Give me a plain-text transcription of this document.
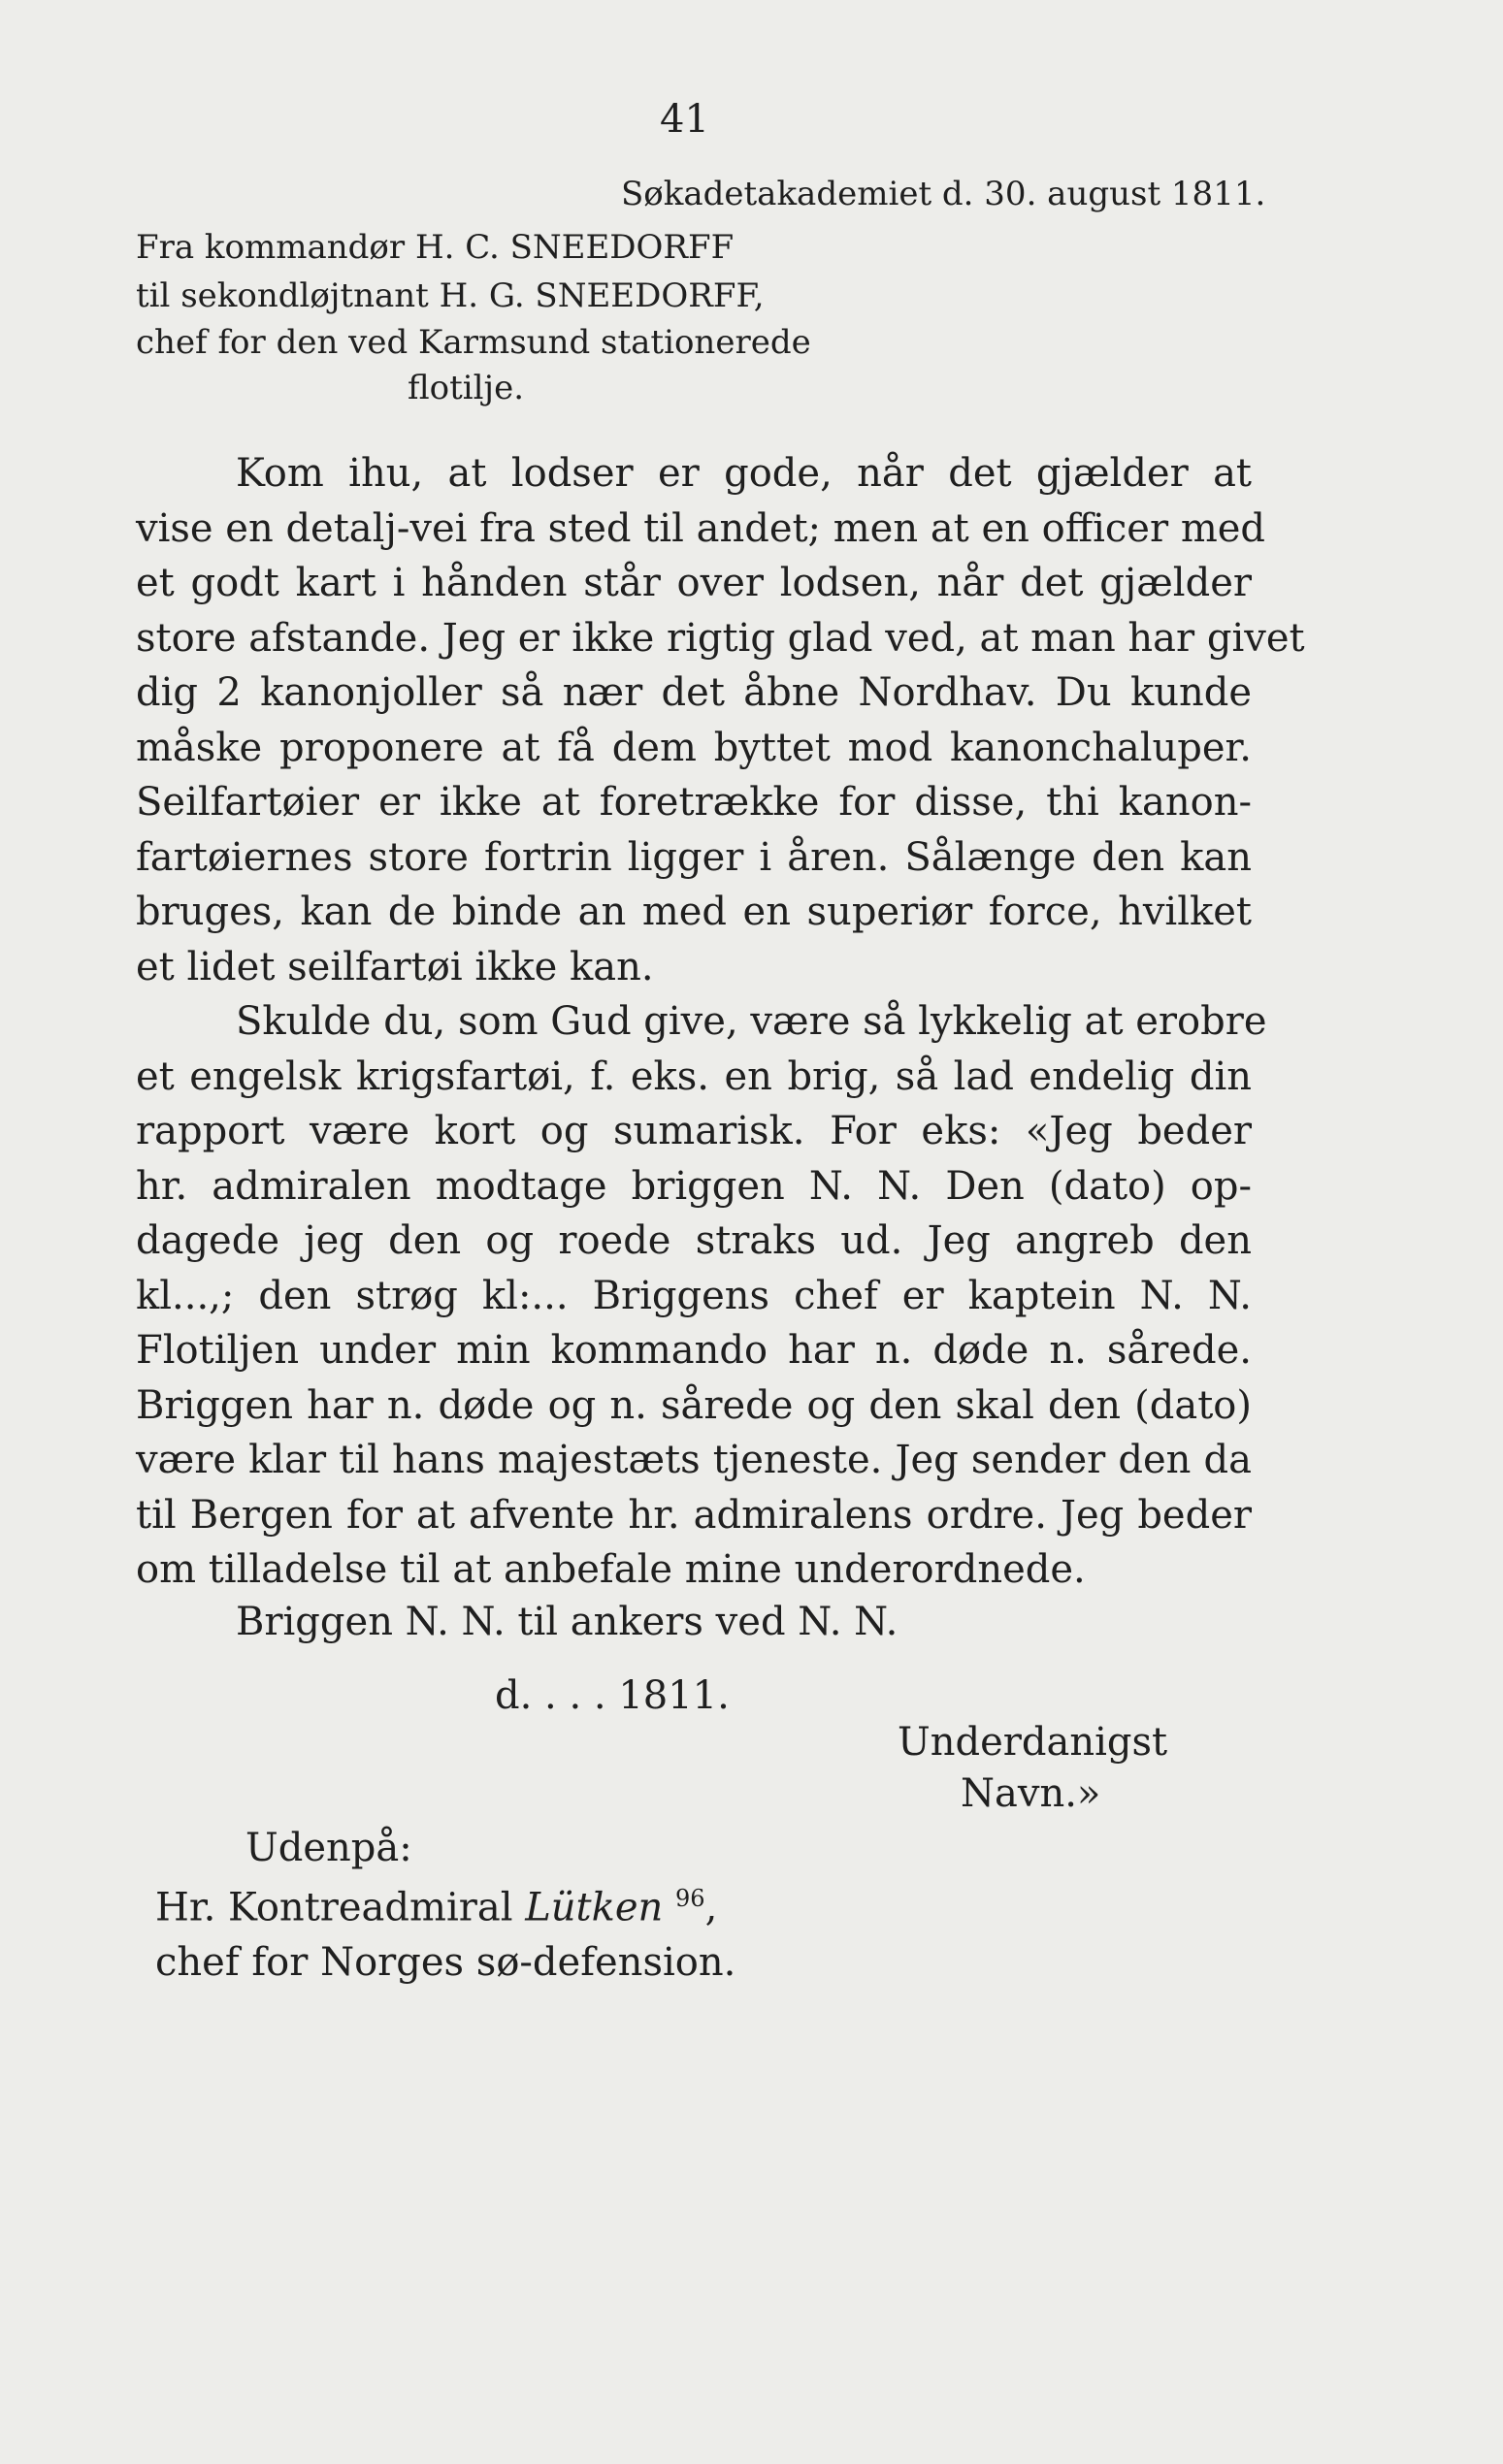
41
Søkadetakademiet d. 30. august 1811.
Fra kommandør H. C. SNEEDORFF
til sekondløjtnant H. G. SNEEDORFF,
chef for den ved Karmsund stationerede
flotilje.
Kom ihu, at lodser er gode, når det gjælder at
vise en detalj-vei fra sted til andet; men at en officer med
et godt kart i hånden står over lodsen, når det gjælder
store afstande. Jeg er ikke rigtig glad ved, at man har givet
dig 2 kanonjoller så nær det åbne Nordhav. Du kunde
måske proponere at få dem byttet mod kanonchaluper.
Seilfartøier er ikke at foretrække for disse, thi kanon-
fartøiernes store fortrin ligger i åren. Sålænge den kan
bruges, kan de binde an med en superiør force, hvilket
et lidet seilfartøi ikke kan.
Skulde du, som Gud give, være så lykkelig at erobre
et engelsk krigsfartøi, f. eks. en brig, så lad endelig din
rapport være kort og sumarisk. For eks: «Jeg beder
hr. admiralen modtage briggen N. N. Den (dato) op-
dagede jeg den og roede straks ud. Jeg angreb den
kl...,; den strøg kl:... Briggens chef er kaptein N. N.
Flotiljen under min kommando har n. døde n. sårede.
Briggen har n. døde og n. sårede og den skal den (dato)
være klar til hans majestæts tjeneste. Jeg sender den da
til Bergen for at afvente hr. admiralens ordre. Jeg beder
om tilladelse til at anbefale mine underordnede.
Briggen N. N. til ankers ved N. N.
d. . . . 1811.
Underdanigst
Navn.»
Udenpå:
Hr. Kontreadmiral Lütken $^{96}$,
chef for Norges sø-defension.
